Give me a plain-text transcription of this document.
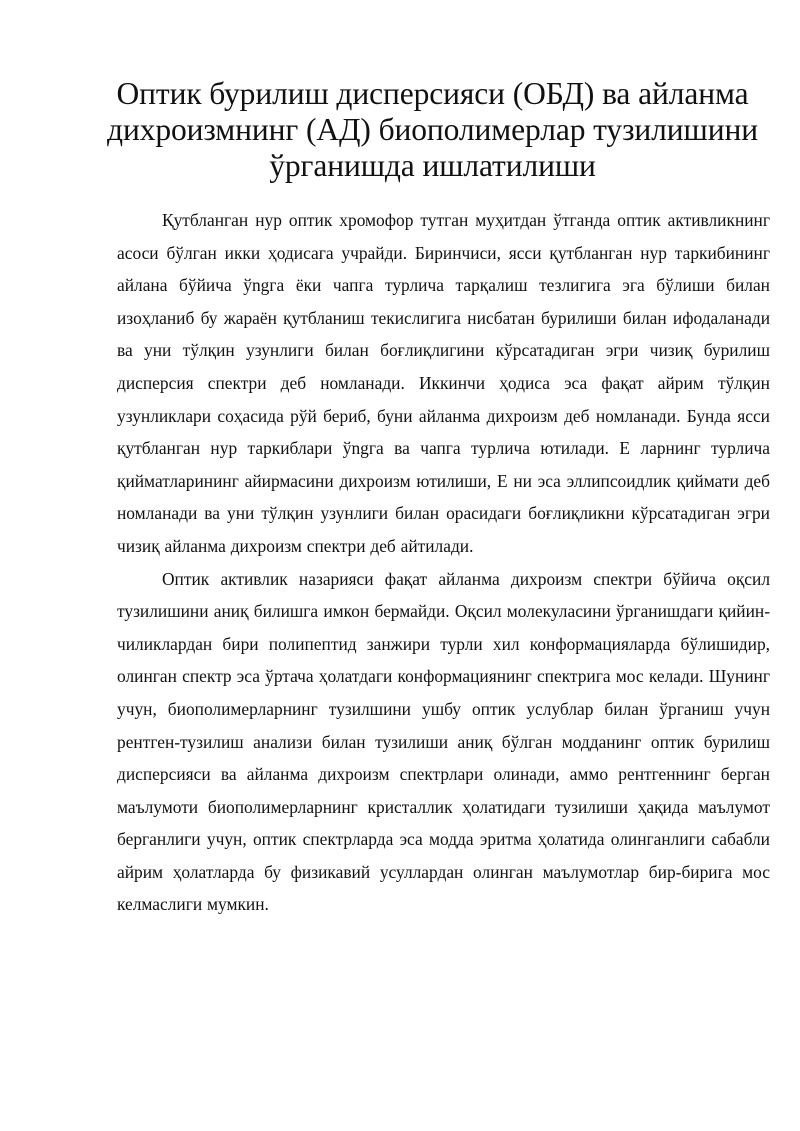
Оптик бурилиш дисперсияси (ОБД) ва айланма дихроизмнинг (АД) биополимерлар тузилишини ўрганишда ишлатилиши

Қутбланган нур оптик хромофор тутган муҳитдан ўтганда оптик активликнинг асоси бўлган икки ҳодисага учрайди. Биринчиси, ясси қутбланган нур таркибининг айлана бўйича ўngга ёки чапга турлича тарқалиш тезлигига эга бўлиши билан изоҳланиб бу жараён қутбланиш текислигига нисбатан бурилиши билан ифодаланади ва уни тўлқин узунлиги билан боғлиқлигини кўрсатадиган эгри чизиқ бурилиш дисперсия спектри деб номланади. Иккинчи ҳодиса эса фақат айрим тўлқин узунликлари соҳасида рўй бериб, буни айланма дихроизм деб номланади. Бунда ясси қутбланган нур таркиблари ўngга ва чапга турлича ютилади. Е ларнинг турлича қийматларининг айирмасини дихроизм ютилиши, Е ни эса эллипсоидлик қиймати деб номланади ва уни тўлқин узунлиги билан орасидаги боғлиқликни кўрсатадиган эгри чизиқ айланма дихроизм спектри деб айтилади.

Оптик активлик назарияси фақат айланма дихроизм спектри бўйича оқсил тузилишини аниқ билишга имкон бермайди. Оқсил молекуласини ўрганишдаги қийин-чиликлардан бири полипептид занжири турли хил конформацияларда бўлишидир, олинган спектр эса ўртача ҳолатдаги конформациянинг спектрига мос келади. Шунинг учун, биополимерларнинг тузилшини ушбу оптик услублар билан ўрганиш учун рентген-тузилиш анализи билан тузилиши аниқ бўлган модданинг оптик бурилиш дисперсияси ва айланма дихроизм спектрлари олинади, аммо рентгеннинг берган маълумоти биополимерларнинг кристаллик ҳолатидаги тузилиши ҳақида маълумот берганлиги учун, оптик спектрларда эса модда эритма ҳолатида олинганлиги сабабли айрим ҳолатларда бу физикавий усуллардан олинган маълумотлар бир-бирига мос келмаслиги мумкин.
